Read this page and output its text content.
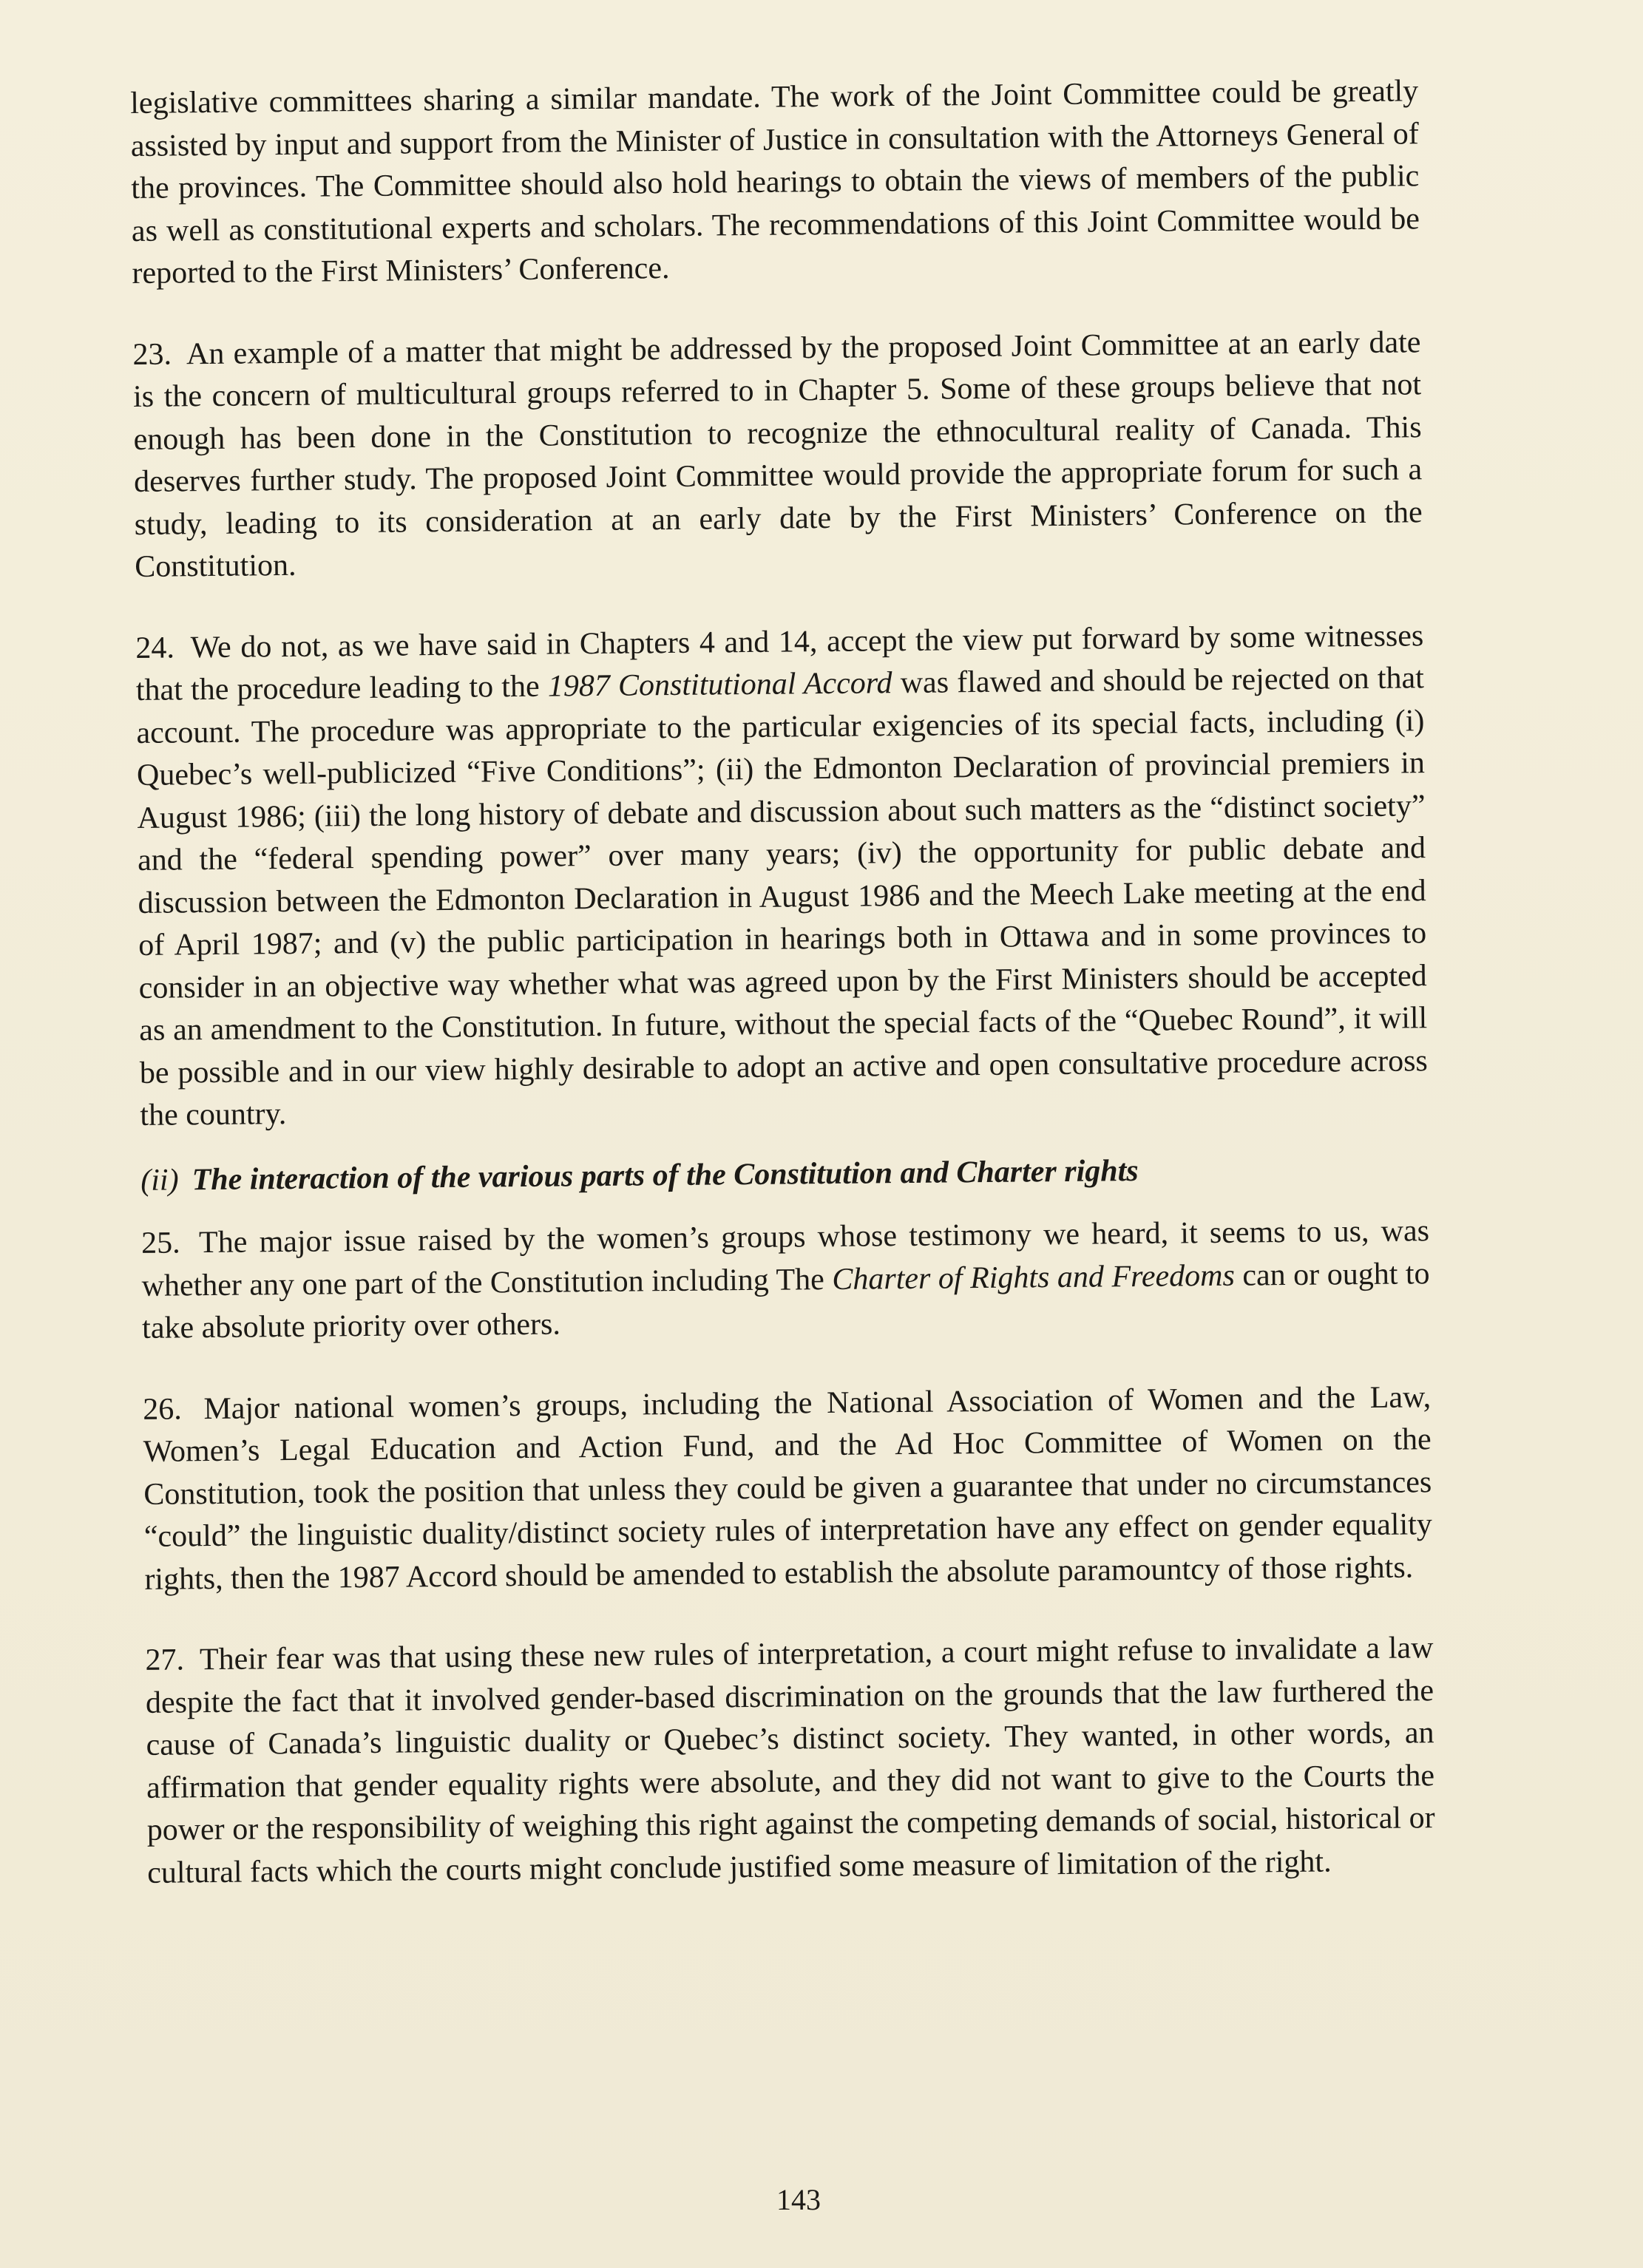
legislative committees sharing a similar mandate. The work of the Joint Committee could be greatly assisted by input and support from the Minister of Justice in consultation with the Attorneys General of the provinces. The Committee should also hold hearings to obtain the views of members of the public as well as constitutional experts and scholars. The recommendations of this Joint Committee would be reported to the First Ministers’ Conference.

23. An example of a matter that might be addressed by the proposed Joint Committee at an early date is the concern of multicultural groups referred to in Chapter 5. Some of these groups believe that not enough has been done in the Constitution to recognize the ethnocultural reality of Canada. This deserves further study. The proposed Joint Committee would provide the appropriate forum for such a study, leading to its consideration at an early date by the First Ministers’ Conference on the Constitution.

24. We do not, as we have said in Chapters 4 and 14, accept the view put forward by some witnesses that the procedure leading to the 1987 Constitutional Accord was flawed and should be rejected on that account. The procedure was appropriate to the particular exigencies of its special facts, including (i) Quebec’s well-publicized “Five Conditions”; (ii) the Edmonton Declaration of provincial premiers in August 1986; (iii) the long history of debate and discussion about such matters as the “distinct society” and the “federal spending power” over many years; (iv) the opportunity for public debate and discussion between the Edmonton Declaration in August 1986 and the Meech Lake meeting at the end of April 1987; and (v) the public participation in hearings both in Ottawa and in some provinces to consider in an objective way whether what was agreed upon by the First Ministers should be accepted as an amendment to the Constitution. In future, without the special facts of the “Quebec Round”, it will be possible and in our view highly desirable to adopt an active and open consultative procedure across the country.

(ii) The interaction of the various parts of the Constitution and Charter rights

25. The major issue raised by the women’s groups whose testimony we heard, it seems to us, was whether any one part of the Constitution including The Charter of Rights and Freedoms can or ought to take absolute priority over others.

26. Major national women’s groups, including the National Association of Women and the Law, Women’s Legal Education and Action Fund, and the Ad Hoc Committee of Women on the Constitution, took the position that unless they could be given a guarantee that under no circumstances “could” the linguistic duality/distinct society rules of interpretation have any effect on gender equality rights, then the 1987 Accord should be amended to establish the absolute paramountcy of those rights.

27. Their fear was that using these new rules of interpretation, a court might refuse to invalidate a law despite the fact that it involved gender-based discrimination on the grounds that the law furthered the cause of Canada’s linguistic duality or Quebec’s distinct society. They wanted, in other words, an affirmation that gender equality rights were absolute, and they did not want to give to the Courts the power or the responsibility of weighing this right against the competing demands of social, historical or cultural facts which the courts might conclude justified some measure of limitation of the right.

143
